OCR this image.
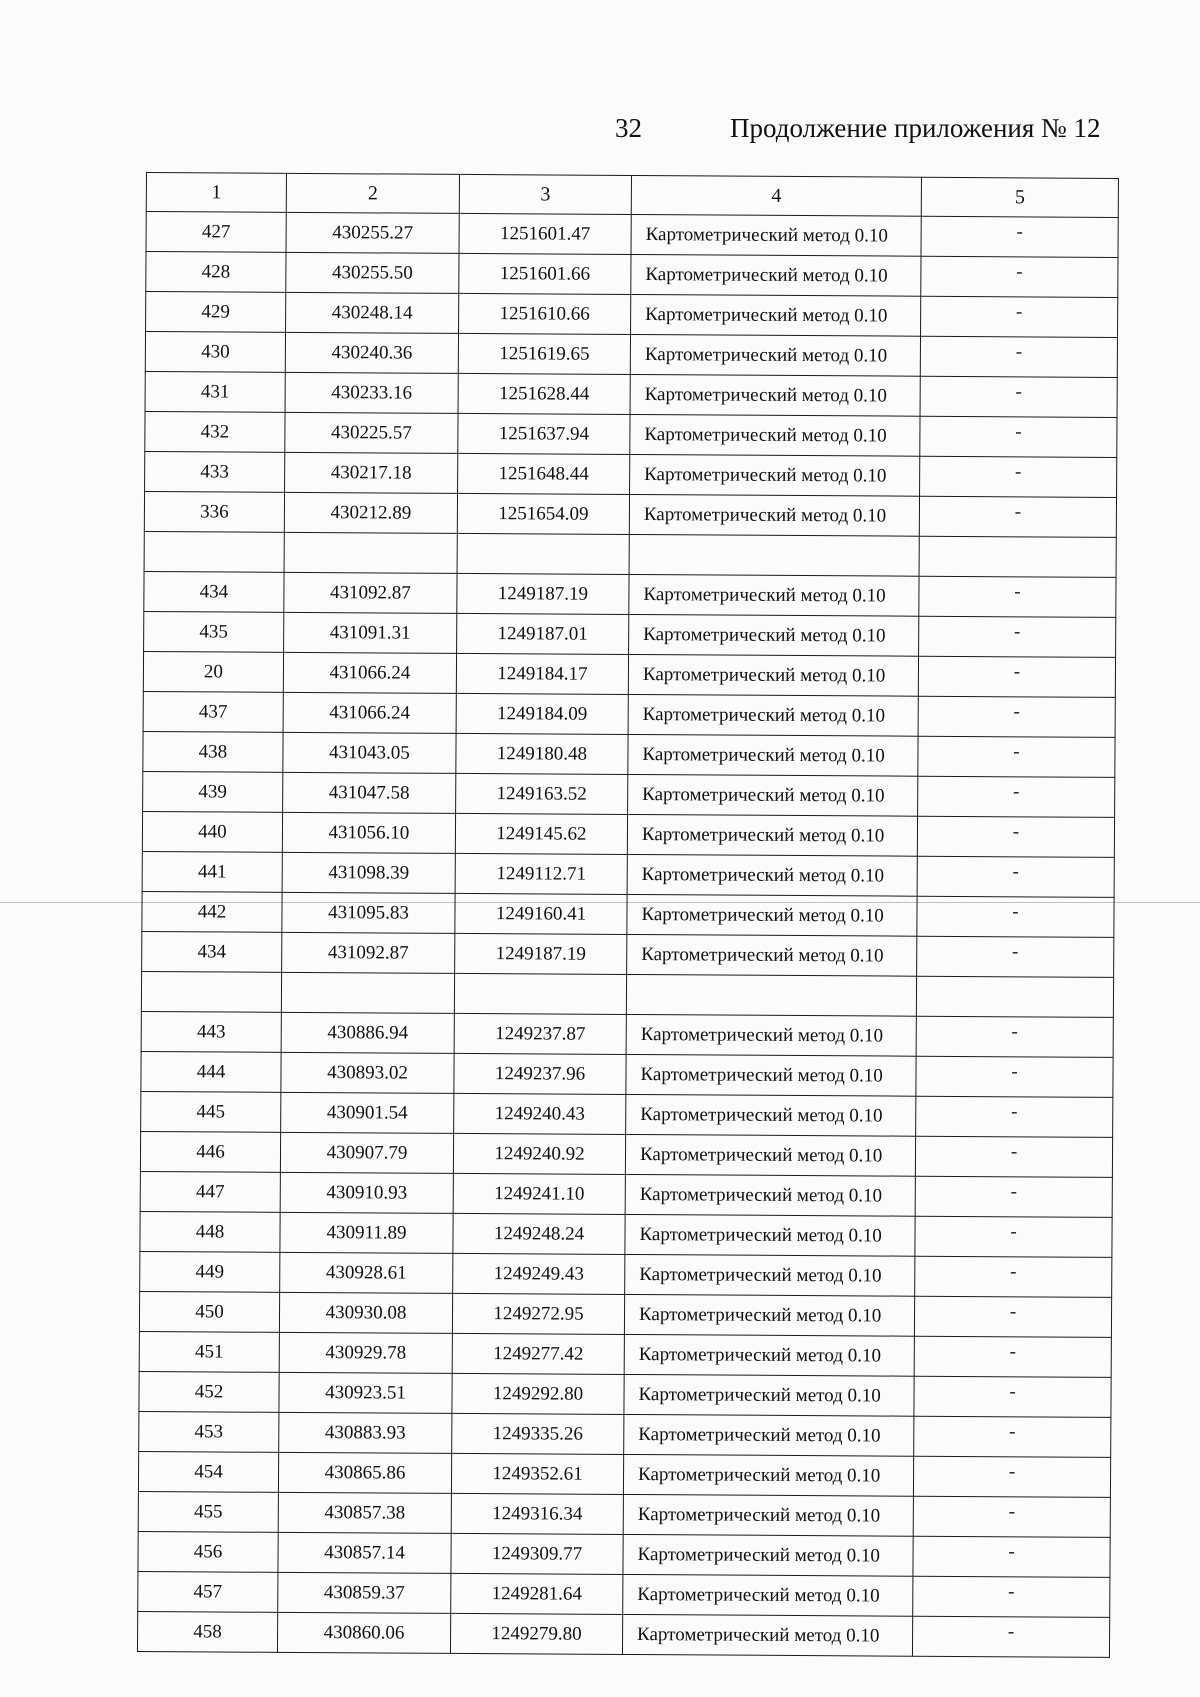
32	Продолжение приложения № 12
1	2	3	4	5
427	430255.27	1251601.47	Картометрический метод 0.10	-
428	430255.50	1251601.66	Картометрический метод 0.10	-
429	430248.14	1251610.66	Картометрический метод 0.10	-
430	430240.36	1251619.65	Картометрический метод 0.10	-
431	430233.16	1251628.44	Картометрический метод 0.10	-
432	430225.57	1251637.94	Картометрический метод 0.10	-
433	430217.18	1251648.44	Картометрический метод 0.10	-
336	430212.89	1251654.09	Картометрический метод 0.10	-

434	431092.87	1249187.19	Картометрический метод 0.10	-
435	431091.31	1249187.01	Картометрический метод 0.10	-
20	431066.24	1249184.17	Картометрический метод 0.10	-
437	431066.24	1249184.09	Картометрический метод 0.10	-
438	431043.05	1249180.48	Картометрический метод 0.10	-
439	431047.58	1249163.52	Картометрический метод 0.10	-
440	431056.10	1249145.62	Картометрический метод 0.10	-
441	431098.39	1249112.71	Картометрический метод 0.10	-
442	431095.83	1249160.41	Картометрический метод 0.10	-
434	431092.87	1249187.19	Картометрический метод 0.10	-

443	430886.94	1249237.87	Картометрический метод 0.10	-
444	430893.02	1249237.96	Картометрический метод 0.10	-
445	430901.54	1249240.43	Картометрический метод 0.10	-
446	430907.79	1249240.92	Картометрический метод 0.10	-
447	430910.93	1249241.10	Картометрический метод 0.10	-
448	430911.89	1249248.24	Картометрический метод 0.10	-
449	430928.61	1249249.43	Картометрический метод 0.10	-
450	430930.08	1249272.95	Картометрический метод 0.10	-
451	430929.78	1249277.42	Картометрический метод 0.10	-
452	430923.51	1249292.80	Картометрический метод 0.10	-
453	430883.93	1249335.26	Картометрический метод 0.10	-
454	430865.86	1249352.61	Картометрический метод 0.10	-
455	430857.38	1249316.34	Картометрический метод 0.10	-
456	430857.14	1249309.77	Картометрический метод 0.10	-
457	430859.37	1249281.64	Картометрический метод 0.10	-
458	430860.06	1249279.80	Картометрический метод 0.10	-
